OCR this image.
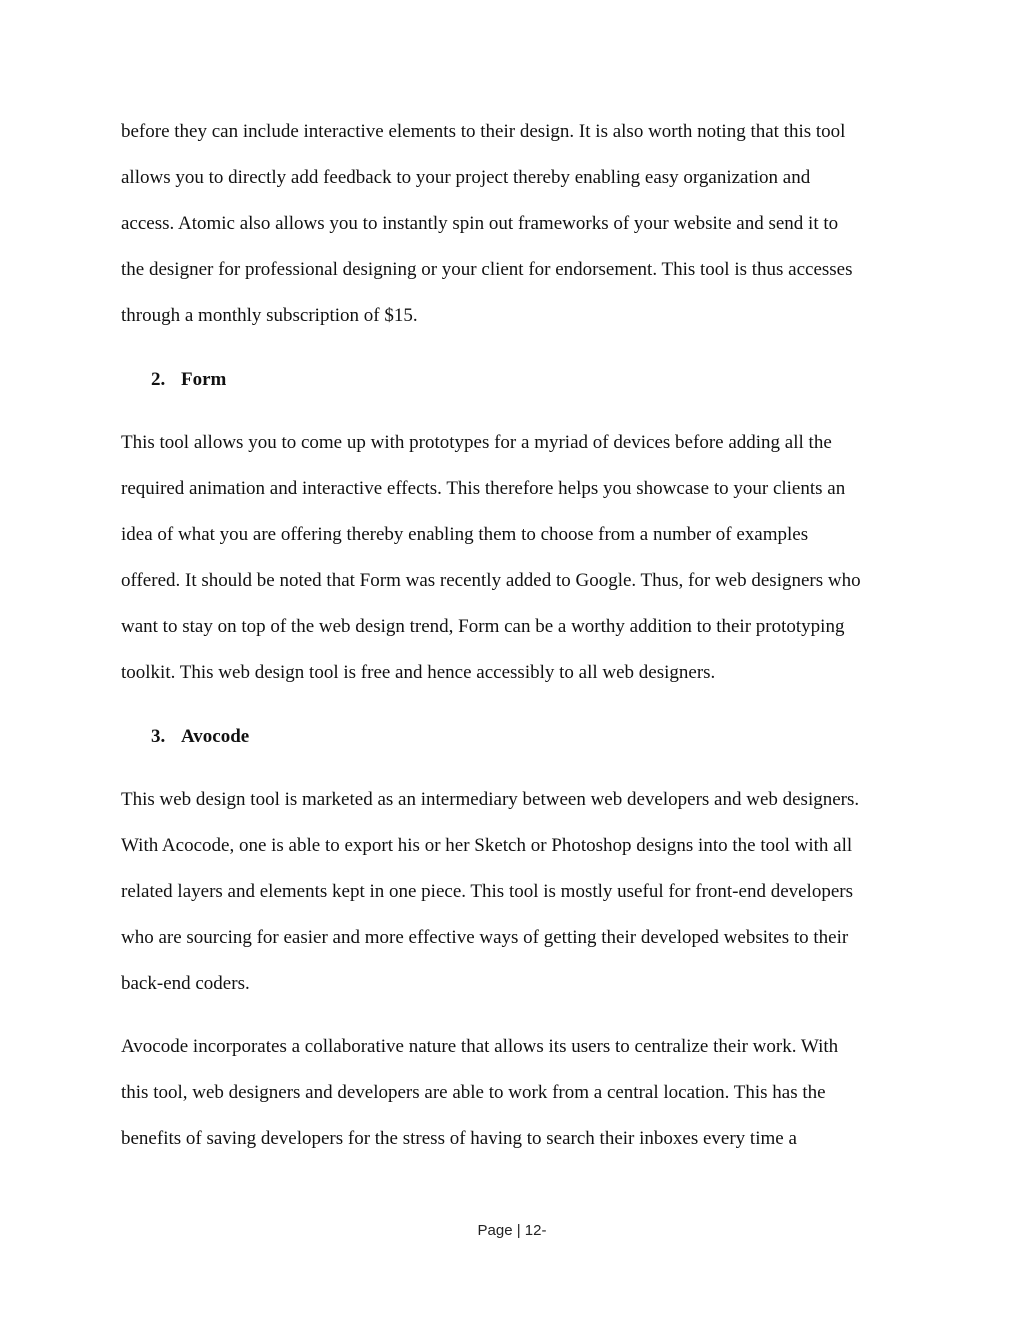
before they can include interactive elements to their design. It is also worth noting that this tool

allows you to directly add feedback to your project thereby enabling easy organization and

access. Atomic also allows you to instantly spin out frameworks of your website and send it to

the designer for professional designing or your client for endorsement. This tool is thus accesses

through a monthly subscription of $15.

2. Form

This tool allows you to come up with prototypes for a myriad of devices before adding all the

required animation and interactive effects. This therefore helps you showcase to your clients an

idea of what you are offering thereby enabling them to choose from a number of examples

offered. It should be noted that Form was recently added to Google. Thus, for web designers who

want to stay on top of the web design trend, Form can be a worthy addition to their prototyping

toolkit. This web design tool is free and hence accessibly to all web designers.

3. Avocode

This web design tool is marketed as an intermediary between web developers and web designers.

With Acocode, one is able to export his or her Sketch or Photoshop designs into the tool with all

related layers and elements kept in one piece. This tool is mostly useful for front-end developers

who are sourcing for easier and more effective ways of getting their developed websites to their

back-end coders.

Avocode incorporates a collaborative nature that allows its users to centralize their work. With

this tool, web designers and developers are able to work from a central location. This has the

benefits of saving developers for the stress of having to search their inboxes every time a

Page | 12-
